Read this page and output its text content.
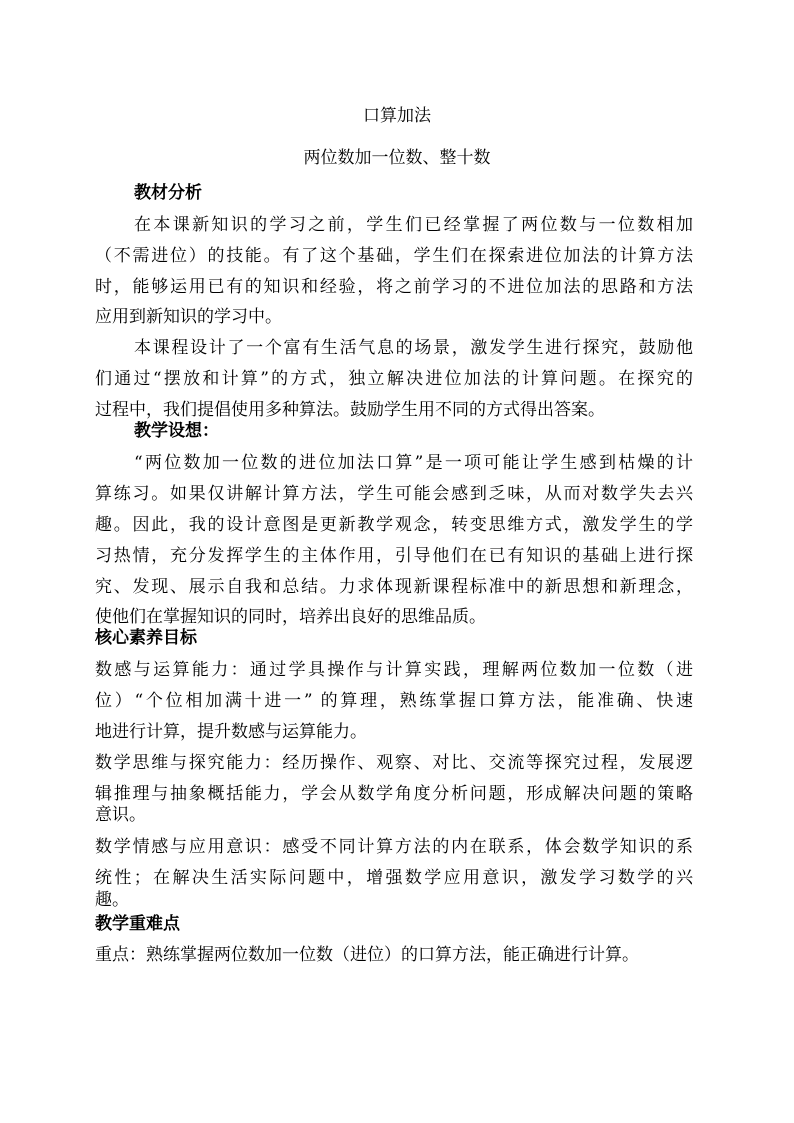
口算加法
两位数加一位数、整十数
教材分析
在本课新知识的学习之前，学生们已经掌握了两位数与一位数相加
（不需进位）的技能。有了这个基础，学生们在探索进位加法的计算方法
时，能够运用已有的知识和经验，将之前学习的不进位加法的思路和方法
应用到新知识的学习中。
本课程设计了一个富有生活气息的场景，激发学生进行探究，鼓励他
们通过“摆放和计算”的方式，独立解决进位加法的计算问题。在探究的
过程中，我们提倡使用多种算法。鼓励学生用不同的方式得出答案。
教学设想：
“两位数加一位数的进位加法口算”是一项可能让学生感到枯燥的计
算练习。如果仅讲解计算方法，学生可能会感到乏味，从而对数学失去兴
趣。因此，我的设计意图是更新教学观念，转变思维方式，激发学生的学
习热情，充分发挥学生的主体作用，引导他们在已有知识的基础上进行探
究、发现、展示自我和总结。力求体现新课程标准中的新思想和新理念，
使他们在掌握知识的同时，培养出良好的思维品质。
核心素养目标
数感与运算能力：通过学具操作与计算实践，理解两位数加一位数（进
位）“个位相加满十进一” 的算理，熟练掌握口算方法，能准确、快速
地进行计算，提升数感与运算能力。
数学思维与探究能力：经历操作、观察、对比、交流等探究过程，发展逻
辑推理与抽象概括能力，学会从数学角度分析问题，形成解决问题的策略
意识。
数学情感与应用意识：感受不同计算方法的内在联系，体会数学知识的系
统性；在解决生活实际问题中，增强数学应用意识，激发学习数学的兴
趣。
教学重难点
重点：熟练掌握两位数加一位数（进位）的口算方法，能正确进行计算。
